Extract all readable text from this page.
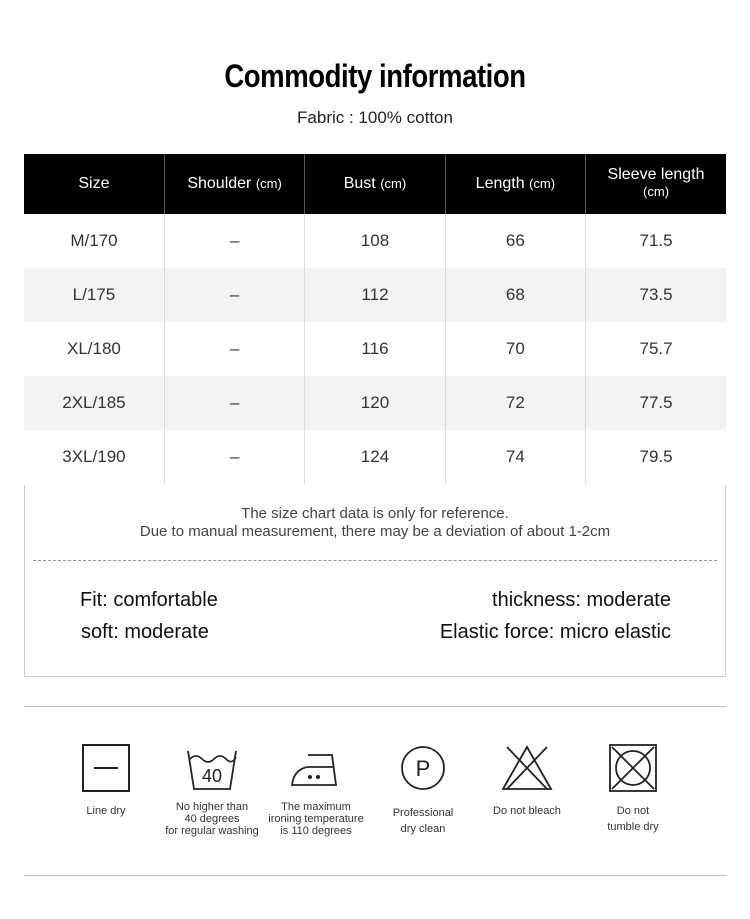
Commodity information
Fabric : 100% cotton
Size	Shoulder (cm)	Bust (cm)	Length (cm)	Sleeve length
(cm)
M/170	–	108	66	71.5
L/175	–	112	68	73.5
XL/180	–	116	70	75.7
2XL/185	–	120	72	77.5
3XL/190	–	124	74	79.5
The size chart data is only for reference.
Due to manual measurement, there may be a deviation of about 1-2cm
Fit: comfortable	thickness: moderate
soft: moderate	Elastic force: micro elastic
Line dry
40
No higher than
40 degrees
for regular washing
The maximum
ironing temperature
is 110 degrees
P
Professional
dry clean
Do not bleach	Do not
tumble dry
